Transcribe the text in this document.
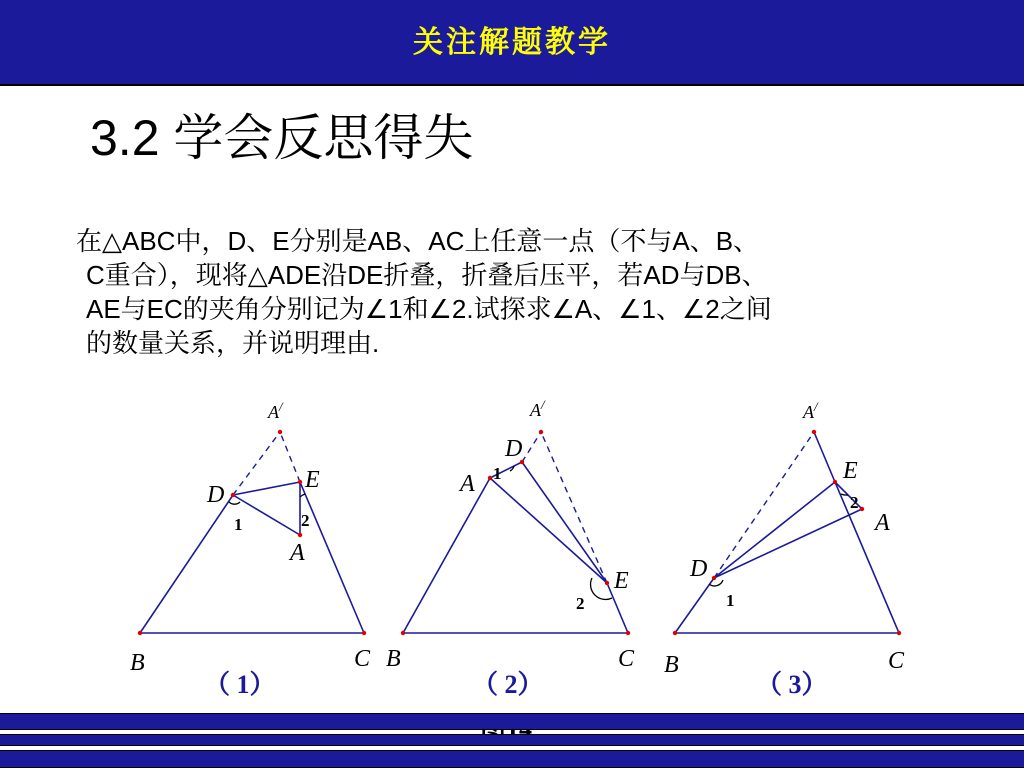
关注解题教学
3.2 学会反思得失
在△ABC中，D、E分别是AB、AC上任意一点（不与A、B、
C重合），现将△ADE沿DE折叠，折叠后压平，若AD与DB、
AE与EC的夹角分别记为∠1和∠2.试探求∠A、∠1、∠2之间
的数量关系，并说明理由.
A/
D
E
A
B	C
1	2
A/
D
A
E
B	C
1
2
A/
E
A
D
B	C
1
2
（ 1）	（ 2）	（ 3）
